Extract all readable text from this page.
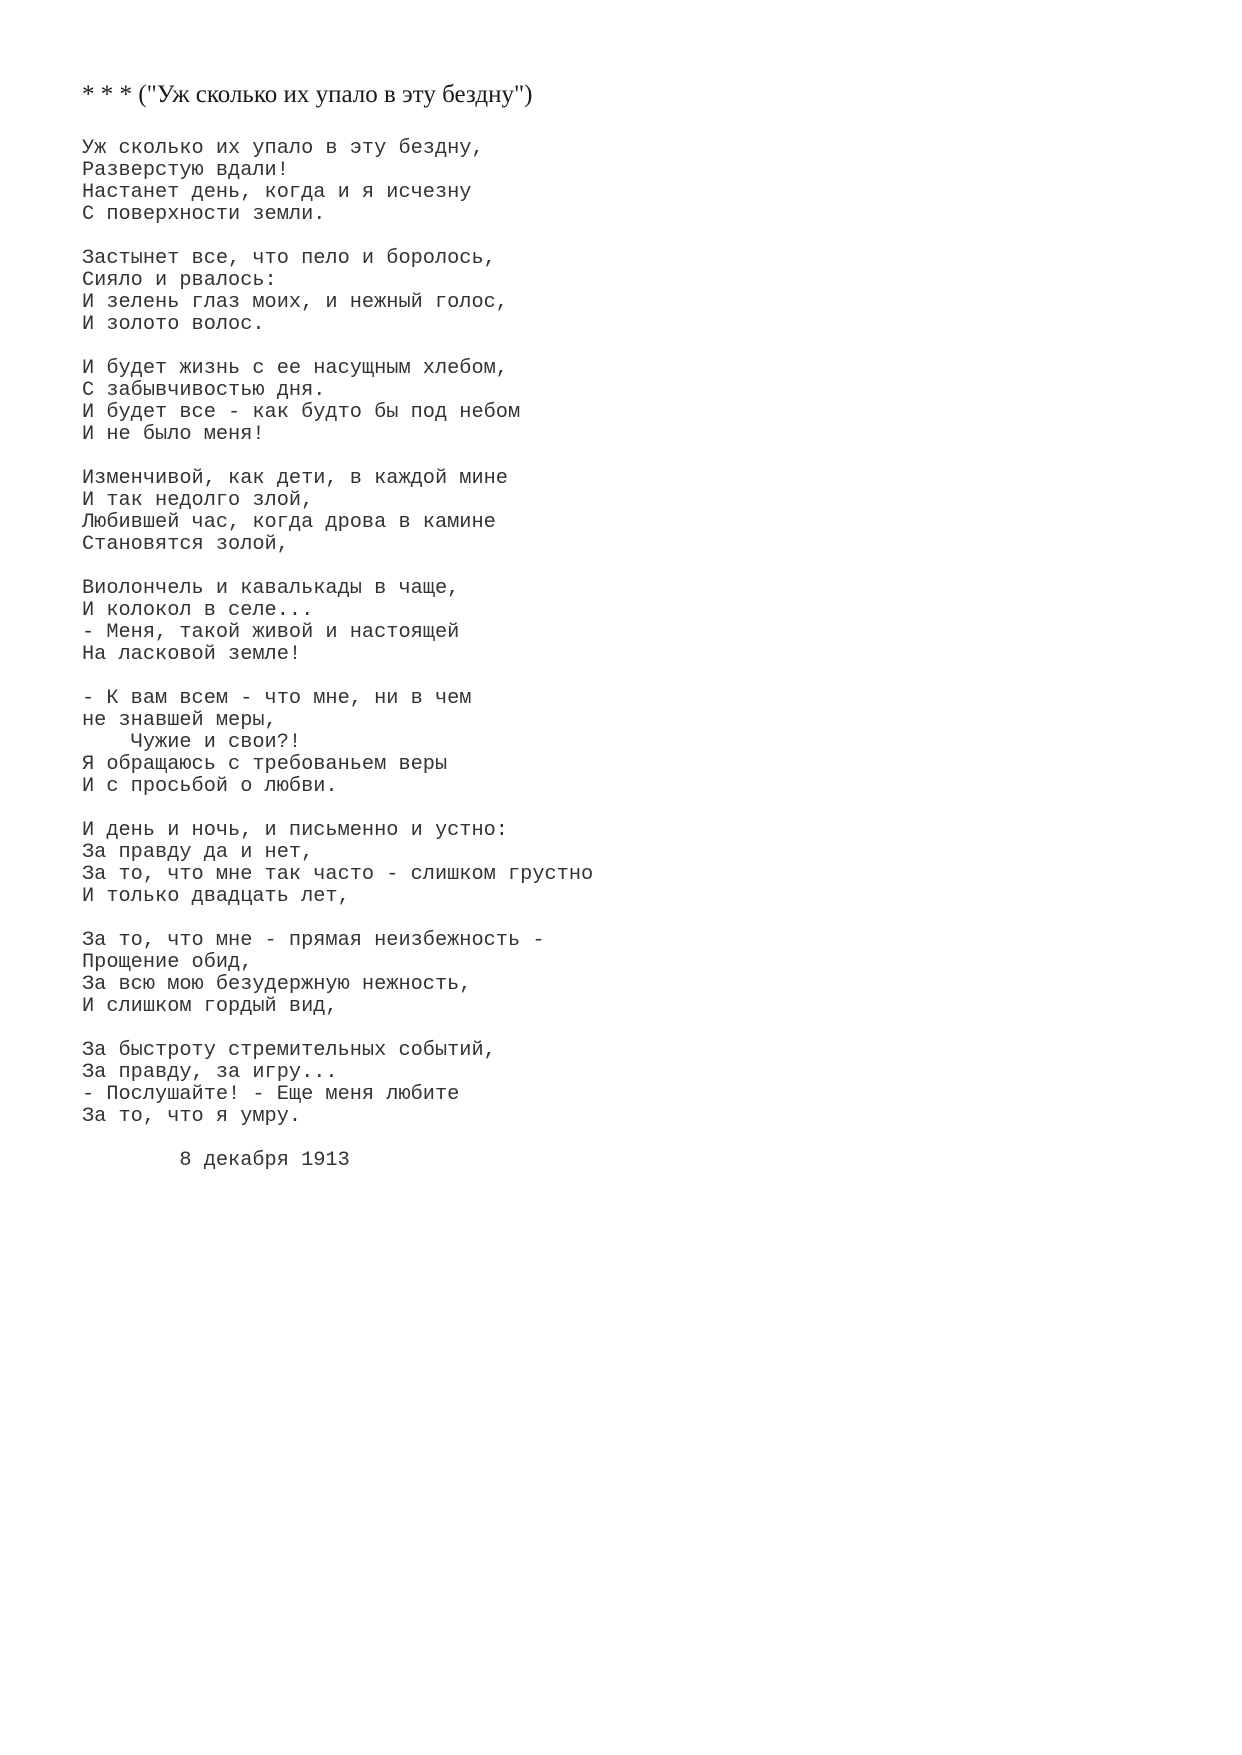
* * * ("Уж сколько их упало в эту бездну")
Уж сколько их упало в эту бездну,
Разверстую вдали!
Настанет день, когда и я исчезну
С поверхности земли.
Застынет все, что пело и боролось,
Сияло и рвалось:
И зелень глаз моих, и нежный голос,
И золото волос.
И будет жизнь с ее насущным хлебом,
С забывчивостью дня.
И будет все - как будто бы под небом
И не было меня!
Изменчивой, как дети, в каждой мине
И так недолго злой,
Любившей час, когда дрова в камине
Становятся золой,
Виолончель и кавалькады в чаще,
И колокол в селе...
- Меня, такой живой и настоящей
На ласковой земле!
- К вам всем - что мне, ни в чем
не знавшей меры,
Чужие и свои?!
Я обращаюсь с требованьем веры
И с просьбой о любви.
И день и ночь, и письменно и устно:
За правду да и нет,
За то, что мне так часто - слишком грустно
И только двадцать лет,
За то, что мне - прямая неизбежность -
Прощение обид,
За всю мою безудержную нежность,
И слишком гордый вид,
За быстроту стремительных событий,
За правду, за игру...
- Послушайте! - Еще меня любите
За то, что я умру.

8 декабря 1913
